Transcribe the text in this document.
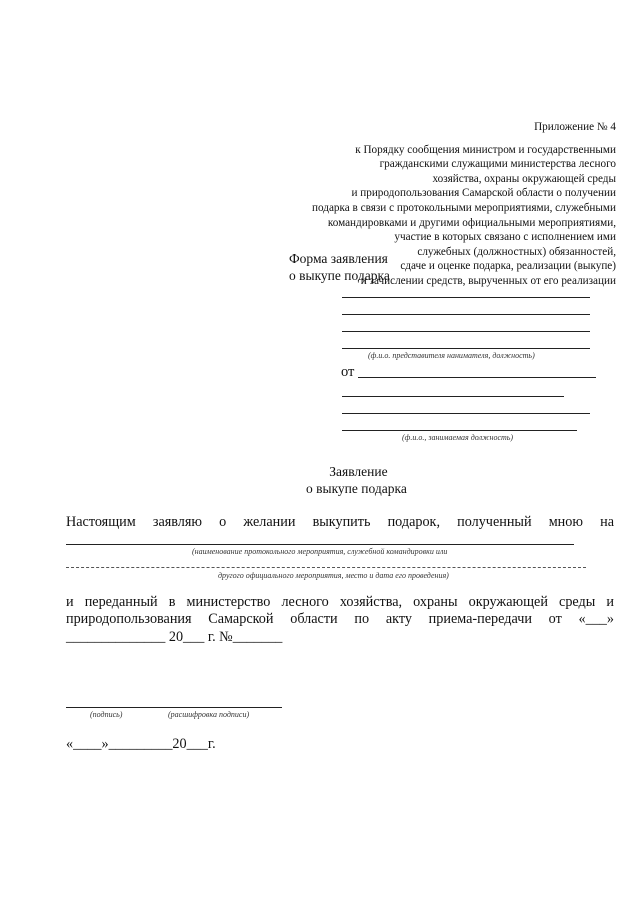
Приложение № 4
к Порядку сообщения министром и государственными
гражданскими служащими министерства лесного
хозяйства, охраны окружающей среды
и природопользования Самарской области о получении
подарка в связи с протокольными мероприятиями, служебными
командировками и другими официальными мероприятиями,
участие в которых связано с исполнением ими
служебных (должностных) обязанностей,
сдаче и оценке подарка, реализации (выкупе)
и зачислении средств, вырученных от его реализации
Форма заявления
о выкупе подарка
(ф.и.о. представителя нанимателя, должность)
от
(ф.и.о., занимаемая должность)
Заявление
о выкупе подарка
Настоящим заявляю о желании выкупить подарок, полученный мною на
(наименование протокольного мероприятия, служебной командировки или
другого официального мероприятия, место и дата его проведения)
и переданный в министерство лесного хозяйства, охраны окружающей среды и
природопользования Самарской области по акту приема-передачи от «___»
______________ 20___ г. №_______
(подпись)	(расшифровка подписи)
«____»_________20___г.
